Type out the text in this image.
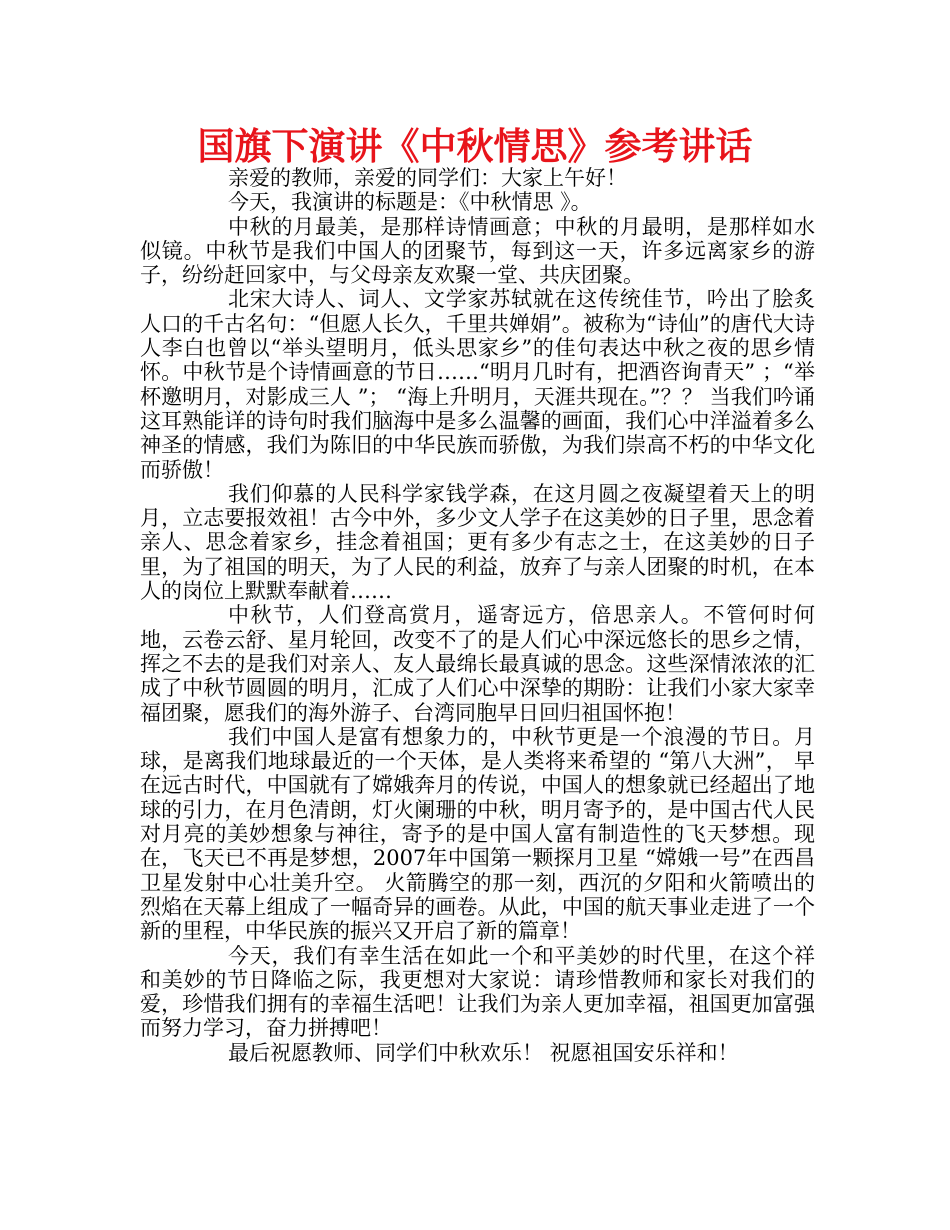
国旗下演讲《中秋情思》参考讲话

亲爱的教师，亲爱的同学们：大家上午好！

今天，我演讲的标题是：《中秋情思 》。

中秋的月最美，是那样诗情画意；中秋的月最明，是那样如水似镜。中秋节是我们中国人的团聚节，每到这一天，许多远离家乡的游子，纷纷赶回家中，与父母亲友欢聚一堂、共庆团聚。

北宋大诗人、词人、文学家苏轼就在这传统佳节，吟出了脍炙人口的千古名句：“但愿人长久，千里共婵娟”。被称为“诗仙”的唐代大诗人李白也曾以“举头望明月，低头思家乡”的佳句表达中秋之夜的思乡情怀。中秋节是个诗情画意的节日……“明月几时有，把酒咨询青天” ；“举杯邀明月，对影成三人 ”； “海上升明月，天涯共现在。”？？ 当我们吟诵这耳熟能详的诗句时我们脑海中是多么温馨的画面，我们心中洋溢着多么神圣的情感，我们为陈旧的中华民族而骄傲，为我们崇高不朽的中华文化而骄傲！

我们仰慕的人民科学家钱学森，在这月圆之夜凝望着天上的明月，立志要报效祖！古今中外，多少文人学子在这美妙的日子里，思念着亲人、思念着家乡，挂念着祖国；更有多少有志之士，在这美妙的日子里，为了祖国的明天，为了人民的利益，放弃了与亲人团聚的时机，在本人的岗位上默默奉献着……

中秋节，人们登高赏月，遥寄远方，倍思亲人。不管何时何地，云卷云舒、星月轮回，改变不了的是人们心中深远悠长的思乡之情，挥之不去的是我们对亲人、友人最绵长最真诚的思念。这些深情浓浓的汇成了中秋节圆圆的明月，汇成了人们心中深挚的期盼：让我们小家大家幸福团聚，愿我们的海外游子、台湾同胞早日回归祖国怀抱！

我们中国人是富有想象力的，中秋节更是一个浪漫的节日。月球，是离我们地球最近的一个天体，是人类将来希望的 “第八大洲”， 早在远古时代，中国就有了嫦娥奔月的传说，中国人的想象就已经超出了地球的引力，在月色清朗，灯火阑珊的中秋，明月寄予的，是中国古代人民对月亮的美妙想象与神往，寄予的是中国人富有制造性的飞天梦想。现在，飞天已不再是梦想，2007年中国第一颗探月卫星 “嫦娥一号”在西昌卫星发射中心壮美升空。 火箭腾空的那一刻，西沉的夕阳和火箭喷出的烈焰在天幕上组成了一幅奇异的画卷。从此，中国的航天事业走进了一个新的里程，中华民族的振兴又开启了新的篇章！

今天，我们有幸生活在如此一个和平美妙的时代里，在这个祥和美妙的节日降临之际，我更想对大家说：请珍惜教师和家长对我们的爱，珍惜我们拥有的幸福生活吧！让我们为亲人更加幸福，祖国更加富强而努力学习，奋力拼搏吧！

最后祝愿教师、同学们中秋欢乐！ 祝愿祖国安乐祥和！
